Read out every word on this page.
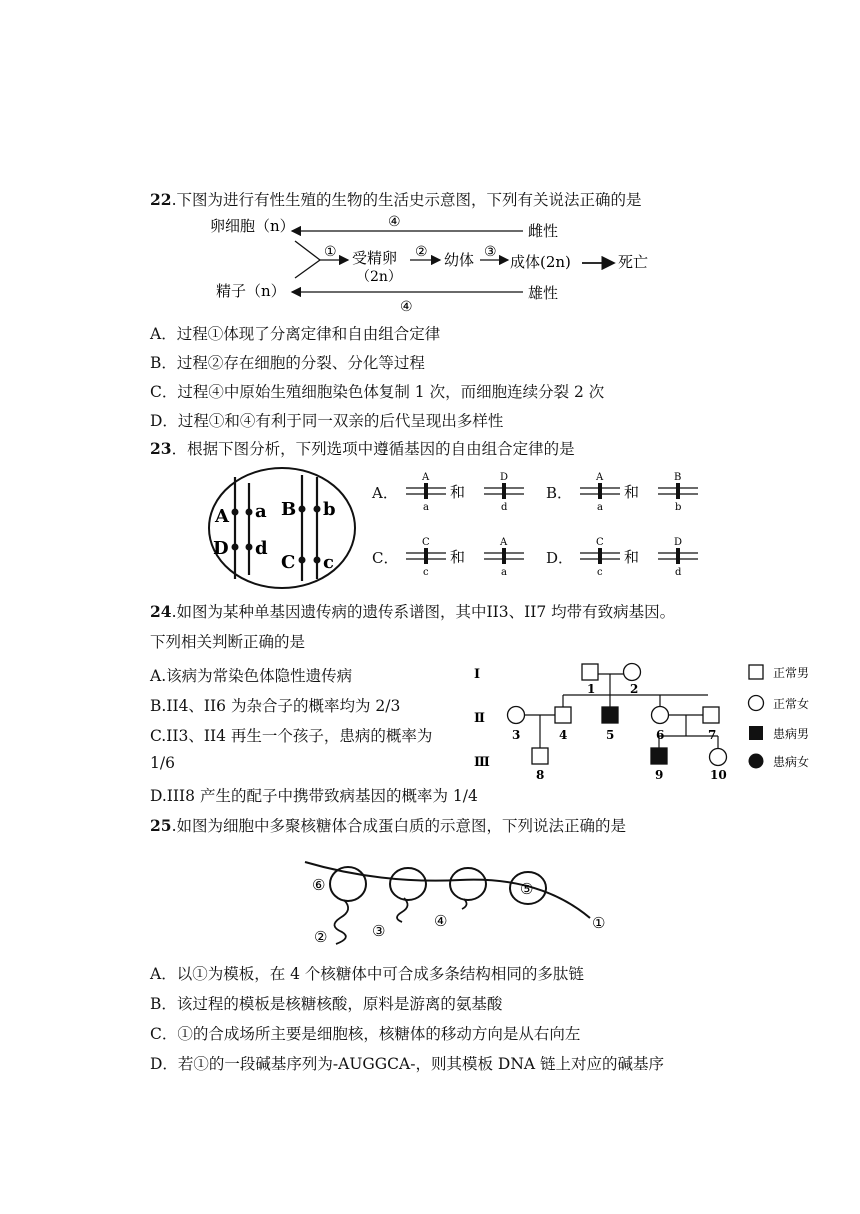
22.下图为进行有性生殖的生物的生活史示意图，下列有关说法正确的是
卵细胞（n）
精子（n）
雌性
雄性
④
④
① 受精卵
（2n）
② 幼体 ③
成体(2n)	死亡
A．过程①体现了分离定律和自由组合定律
B．过程②存在细胞的分裂、分化等过程
C．过程④中原始生殖细胞染色体复制 1 次，而细胞连续分裂 2 次
D．过程①和④有利于同一双亲的后代呈现出多样性
23．根据下图分析，下列选项中遵循基因的自由组合定律的是
A a
D d
B b
C c
A．
A
a
D
d
和	B．
A
a
B
b
和
C．
C
c
A
a
和	D．
C
c
D
d
和
24.如图为某种单基因遗传病的遗传系谱图，其中II3、II7 均带有致病基因。
下列相关判断正确的是
A.该病为常染色体隐性遗传病
B.II4、II6 为杂合子的概率均为 2/3
C.II3、II4 再生一个孩子，患病的概率为
1/6
D.III8 产生的配子中携带致病基因的概率为 1/4
Ⅰ
Ⅱ
Ⅲ
1	2
3	4	5	6	7
8	9	10
正常男
正常女
患病男
患病女
25.如图为细胞中多聚核糖体合成蛋白质的示意图，下列说法正确的是
①
②	③
④
⑤
⑥
A．以①为模板，在 4 个核糖体中可合成多条结构相同的多肽链
B．该过程的模板是核糖核酸，原料是游离的氨基酸
C．①的合成场所主要是细胞核，核糖体的移动方向是从右向左
D．若①的一段碱基序列为-AUGGCA-，则其模板 DNA 链上对应的碱基序
